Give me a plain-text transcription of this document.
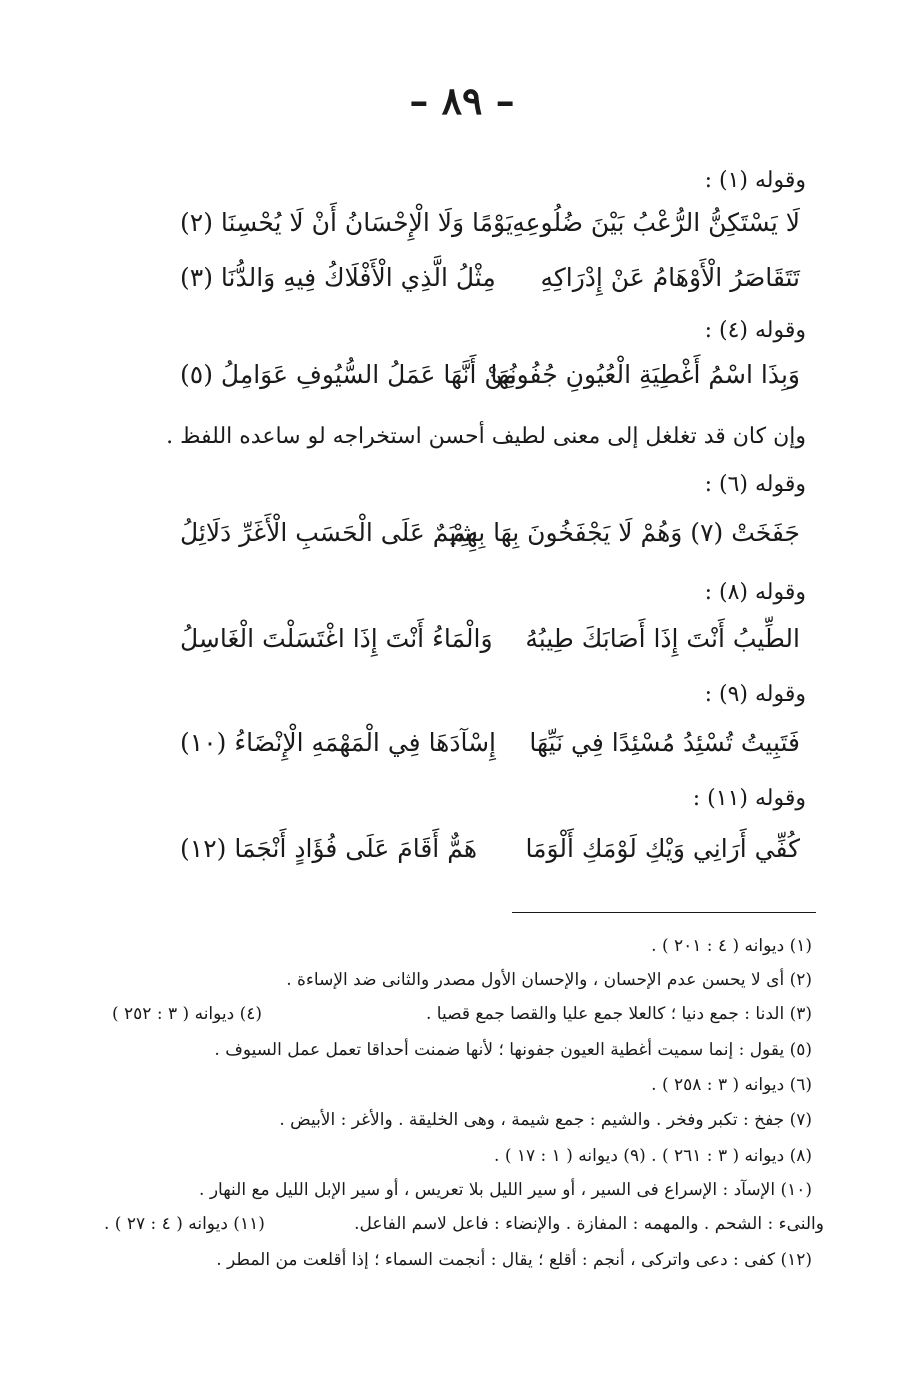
– ٨٩ –
وقوله (١) :
لَا يَسْتَكِنُّ الرُّعْبُ بَيْنَ ضُلُوعِهِ
يَوْمًا وَلَا الْإِحْسَانُ أَنْ لَا يُحْسِنَا (٢)
تَتَقَاصَرُ الْأَوْهَامُ عَنْ إِدْرَاكِهِ
مِثْلُ الَّذِي الْأَفْلَاكُ فِيهِ وَالدُّنَا (٣)
وقوله (٤) :
وَبِذَا اسْمُ أَغْطِيَةِ الْعُيُونِ جُفُونُهَا
مِنْ أَنَّهَا عَمَلُ السُّيُوفِ عَوَامِلُ (٥)
وإن كان قد تغلغل إلى معنى لطيف أحسن استخراجه لو ساعده اللفظ .
وقوله (٦) :
جَفَخَتْ (٧) وَهُمْ لَا يَجْفَخُونَ بِهَا بِهِمْ
شِيَمٌ عَلَى الْحَسَبِ الْأَغَرِّ دَلَائِلُ
وقوله (٨) :
الطِّيبُ أَنْتَ إِذَا أَصَابَكَ طِيبُهُ
وَالْمَاءُ أَنْتَ إِذَا اغْتَسَلْتَ الْغَاسِلُ
وقوله (٩) :
فَتَبِيتُ تُسْئِدُ مُسْئِدًا فِي نَيِّهَا
إِسْآدَهَا فِي الْمَهْمَهِ الْإِنْضَاءُ (١٠)
وقوله (١١) :
كُفِّي أَرَانِي وَيْكِ لَوْمَكِ أَلْوَمَا
هَمٌّ أَقَامَ عَلَى فُؤَادٍ أَنْجَمَا (١٢)
(١) ديوانه ( ٤ : ٢٠١ ) .
(٢) أى لا يحسن عدم الإحسان ، والإحسان الأول مصدر والثانى ضد الإساءة .
(٣) الدنا : جمع دنيا ؛ كالعلا جمع عليا والقصا جمع قصيا .
(٤) ديوانه ( ٣ : ٢٥٢ )
(٥) يقول : إنما سميت أغطية العيون جفونها ؛ لأنها ضمنت أحداقا تعمل عمل السيوف .
(٦) ديوانه ( ٣ : ٢٥٨ ) .
(٧) جفخ : تكبر وفخر . والشيم : جمع شيمة ، وهى الخليقة . والأغر : الأبيض .
(٨) ديوانه ( ٣ : ٢٦١ ) . (٩) ديوانه ( ١ : ١٧ ) .
(١٠) الإسآد : الإسراع فى السير ، أو سير الليل بلا تعريس ، أو سير الإبل الليل مع النهار .
والنىء : الشحم . والمهمه : المفازة . والإنضاء : فاعل لاسم الفاعل.
(١١) ديوانه ( ٤ : ٢٧ ) .
(١٢) كفى : دعى واتركى ، أنجم : أقلع ؛ يقال : أنجمت السماء ؛ إذا أقلعت من المطر .
